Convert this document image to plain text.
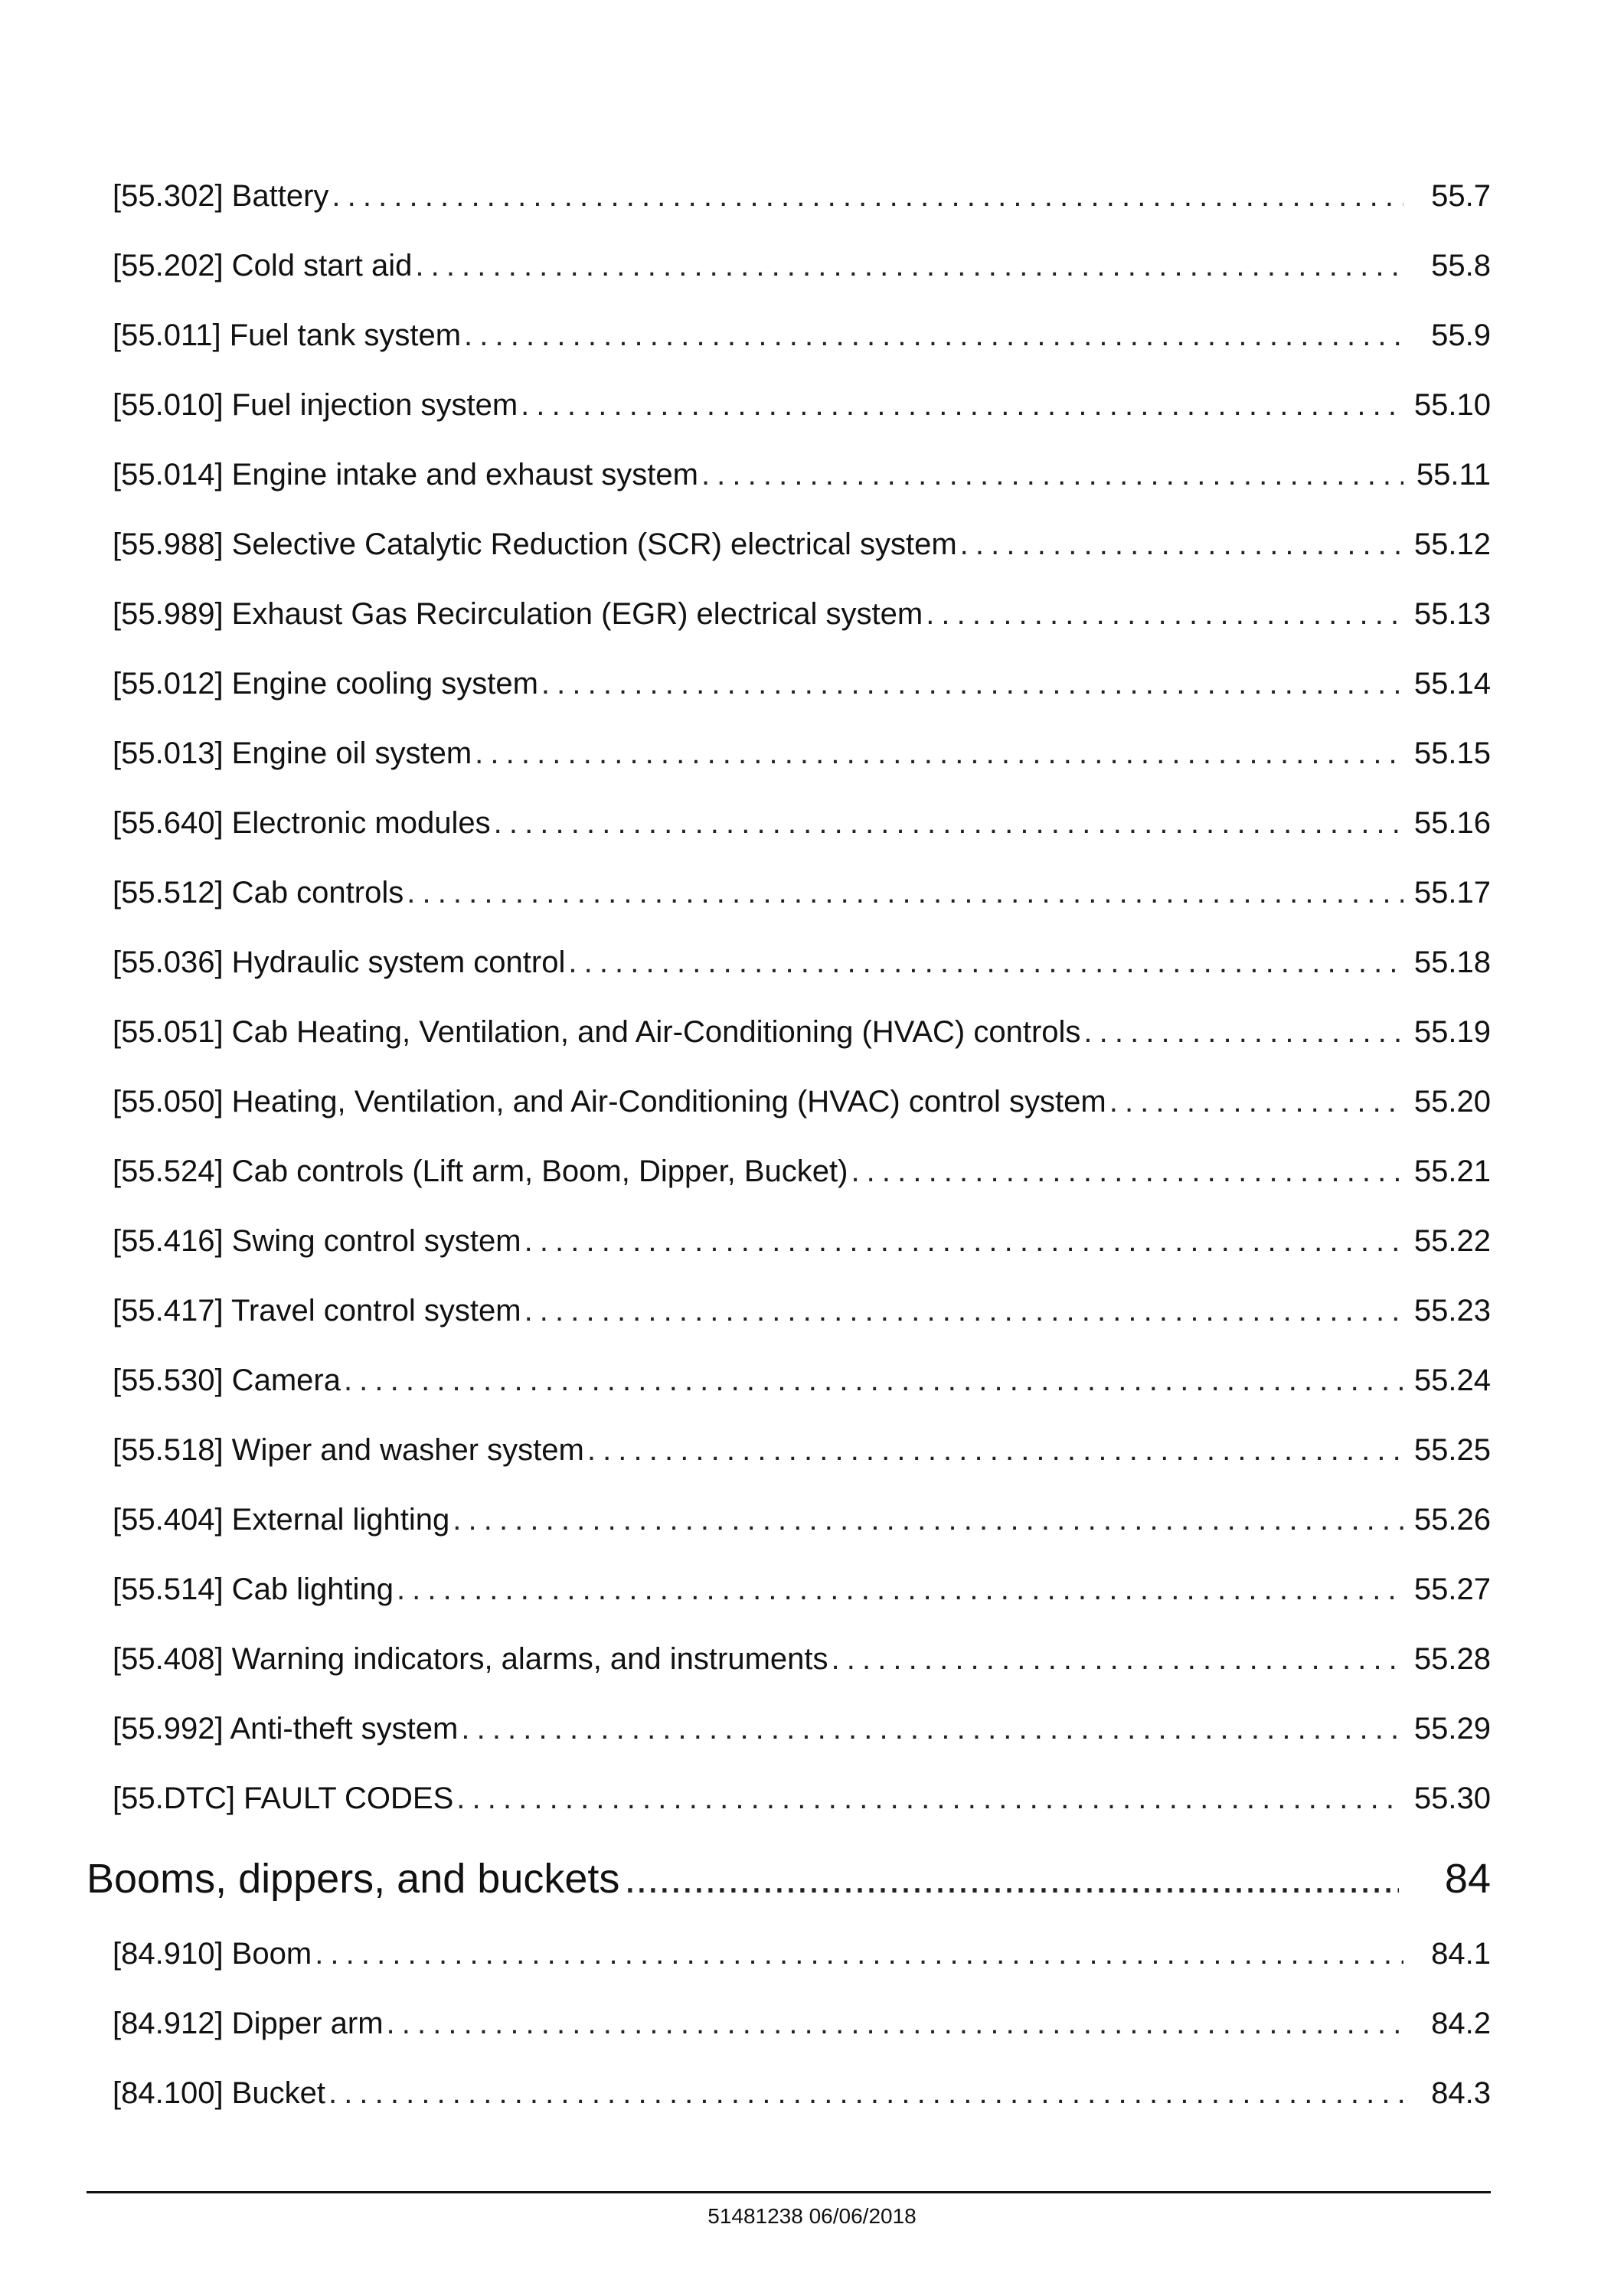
[55.302] Battery . . .	55.7
[55.202] Cold start aid . . .	55.8
[55.011] Fuel tank system . . .	55.9
[55.010] Fuel injection system . . .	55.10
[55.014] Engine intake and exhaust system . . .	55.11
[55.988] Selective Catalytic Reduction (SCR) electrical system . . .	55.12
[55.989] Exhaust Gas Recirculation (EGR) electrical system . . .	55.13
[55.012] Engine cooling system . . .	55.14
[55.013] Engine oil system . . .	55.15
[55.640] Electronic modules . . .	55.16
[55.512] Cab controls . . .	55.17
[55.036] Hydraulic system control . . .	55.18
[55.051] Cab Heating, Ventilation, and Air-Conditioning (HVAC) controls . . .	55.19
[55.050] Heating, Ventilation, and Air-Conditioning (HVAC) control system . . .	55.20
[55.524] Cab controls (Lift arm, Boom, Dipper, Bucket) . . .	55.21
[55.416] Swing control system . . .	55.22
[55.417] Travel control system . . .	55.23
[55.530] Camera . . .	55.24
[55.518] Wiper and washer system . . .	55.25
[55.404] External lighting . . .	55.26
[55.514] Cab lighting . . .	55.27
[55.408] Warning indicators, alarms, and instruments . . .	55.28
[55.992] Anti-theft system . . .	55.29
[55.DTC] FAULT CODES . . .	55.30
Booms, dippers, and buckets .....	84
[84.910] Boom . . .	84.1
[84.912] Dipper arm . . .	84.2
[84.100] Bucket . . .	84.3
51481238 06/06/2018
